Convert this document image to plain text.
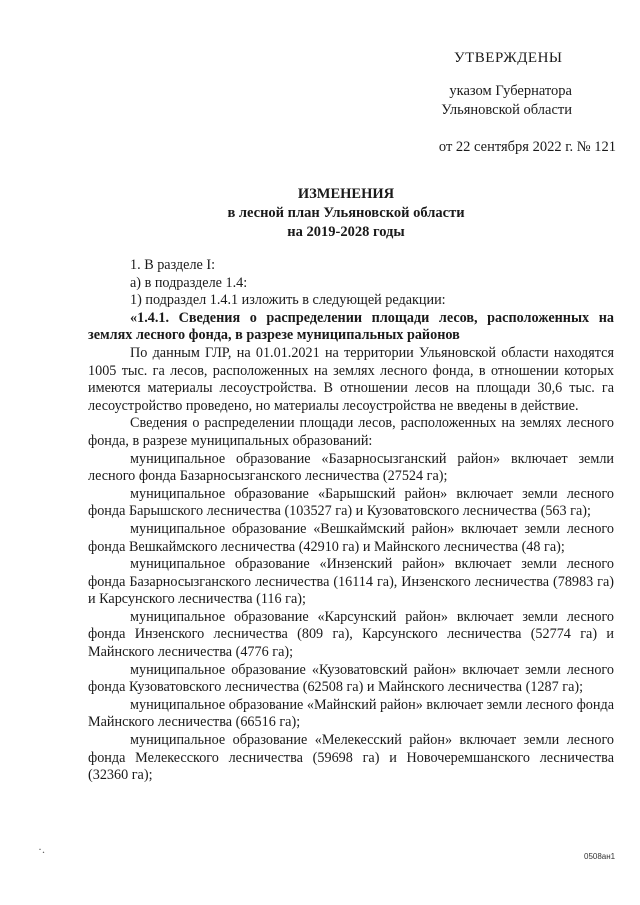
УТВЕРЖДЕНЫ
указом Губернатора
Ульяновской области
от 22 сентября 2022 г. № 121
ИЗМЕНЕНИЯ
в лесной план Ульяновской области
на 2019-2028 годы

1. В разделе I:

а) в подразделе 1.4:

1) подраздел 1.4.1 изложить в следующей редакции:

«1.4.1. Сведения о распределении площади лесов, расположенных на землях лесного фонда, в разрезе муниципальных районов

По данным ГЛР, на 01.01.2021 на территории Ульяновской области находятся 1005 тыс. га лесов, расположенных на землях лесного фонда, в отношении которых имеются материалы лесоустройства. В отношении лесов на площади 30,6 тыс. га лесоустройство проведено, но материалы лесоустройства не введены в действие.

Сведения о распределении площади лесов, расположенных на землях лесного фонда, в разрезе муниципальных образований:

муниципальное образование «Базарносызганский район» включает земли лесного фонда Базарносызганского лесничества (27524 га);

муниципальное образование «Барышский район» включает земли лесного фонда Барышского лесничества (103527 га) и Кузоватовского лесничества (563 га);

муниципальное образование «Вешкаймский район» включает земли лесного фонда Вешкаймского лесничества (42910 га) и Майнского лесничества (48 га);

муниципальное образование «Инзенский район» включает земли лесного фонда Базарносызганского лесничества (16114 га), Инзенского лесничества (78983 га) и Карсунского лесничества (116 га);

муниципальное образование «Карсунский район» включает земли лесного фонда Инзенского лесничества (809 га), Карсунского лесничества (52774 га) и Майнского лесничества (4776 га);

муниципальное образование «Кузоватовский район» включает земли лесного фонда Кузоватовского лесничества (62508 га) и Майнского лесничества (1287 га);

муниципальное образование «Майнский район» включает земли лесного фонда Майнского лесничества (66516 га);

муниципальное образование «Мелекесский район» включает земли лесного фонда Мелекесского лесничества (59698 га) и Новочеремшанского лесничества (32360 га);

·.
0508ан1
